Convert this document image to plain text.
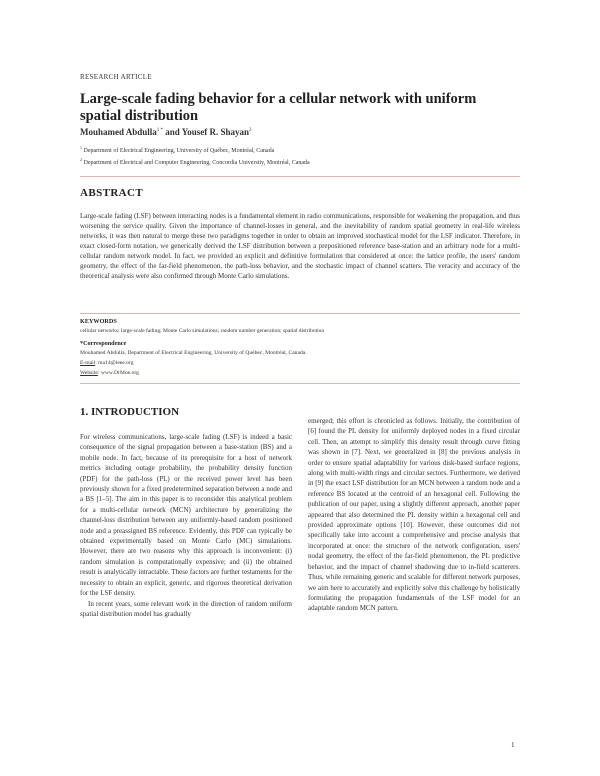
RESEARCH ARTICLE
Large-scale fading behavior for a cellular network with uniform spatial distribution
Mouhamed Abdulla$^{1 *}$ and Yousef R. Shayan$^2$
$^1$ Department of Electrical Engineering, University of Québec, Montréal, Canada
$^2$ Department of Electrical and Computer Engineering, Concordia University, Montréal, Canada
ABSTRACT
Large-scale fading (LSF) between interacting nodes is a fundamental element in radio communications, responsible for weakening the propagation, and thus worsening the service quality. Given the importance of channel-losses in general, and the inevitability of random spatial geometry in real-life wireless networks, it was then natural to merge these two paradigms together in order to obtain an improved stochastical model for the LSF indicator. Therefore, in exact closed-form notation, we generically derived the LSF distribution between a prepositioned reference base-station and an arbitrary node for a multi-cellular random network model. In fact, we provided an explicit and definitive formulation that considered at once: the lattice profile, the users' random geometry, the effect of the far-field phenomenon, the path-loss behavior, and the stochastic impact of channel scatters. The veracity and accuracy of the theoretical analysis were also confirmed through Monte Carlo simulations.
KEYWORDS
cellular networks; large-scale fading; Monte Carlo simulations; random number generation; spatial distribution
*Correspondence
Mouhamed Abdulla, Department of Electrical Engineering, University of Québec, Montréal, Canada.
E-mail: ma14@ieee.org
Website: www.DrMoe.org
1. INTRODUCTION

For wireless communications, large-scale fading (LSF) is indeed a basic consequence of the signal propagation between a base-station (BS) and a mobile node. In fact, because of its prerequisite for a host of network metrics including outage probability, the probability density function (PDF) for the path-loss (PL) or the received power level has been previously shown for a fixed predetermined separation between a node and a BS [1–5]. The aim in this paper is to reconsider this analytical problem for a multi-cellular network (MCN) architecture by generalizing the channel-loss distribution between any uniformly-based random positioned node and a preassigned BS reference. Evidently, this PDF can typically be obtained experimentally based on Monte Carlo (MC) simulations. However, there are two reasons why this approach is inconvenient: (i) random simulation is computationally expensive; and (ii) the obtained result is analytically intractable. These factors are further testaments for the necessity to obtain an explicit, generic, and rigorous theoretical derivation for the LSF density.

In recent years, some relevant work in the direction of random uniform spatial distribution model has gradually

emerged; this effort is chronicled as follows. Initially, the contribution of [6] found the PL density for uniformly deployed nodes in a fixed circular cell. Then, an attempt to simplify this density result through curve fitting was shown in [7]. Next, we generalized in [8] the previous analysis in order to ensure spatial adaptability for various disk-based surface regions, along with multi-width rings and circular sectors. Furthermore, we derived in [9] the exact LSF distribution for an MCN between a random node and a reference BS located at the centroid of an hexagonal cell. Following the publication of our paper, using a slightly different approach, another paper appeared that also determined the PL density within a hexagonal cell and provided approximate options [10]. However, these outcomes did not specifically take into account a comprehensive and precise analysis that incorporated at once: the structure of the network configuration, users' nodal geometry, the effect of the far-field phenomenon, the PL predictive behavior, and the impact of channel shadowing due to in-field scatterers. Thus, while remaining generic and scalable for different network purposes, we aim here to accurately and explicitly solve this challenge by holistically formulating the propagation fundamentals of the LSF model for an adaptable random MCN pattern.

1
